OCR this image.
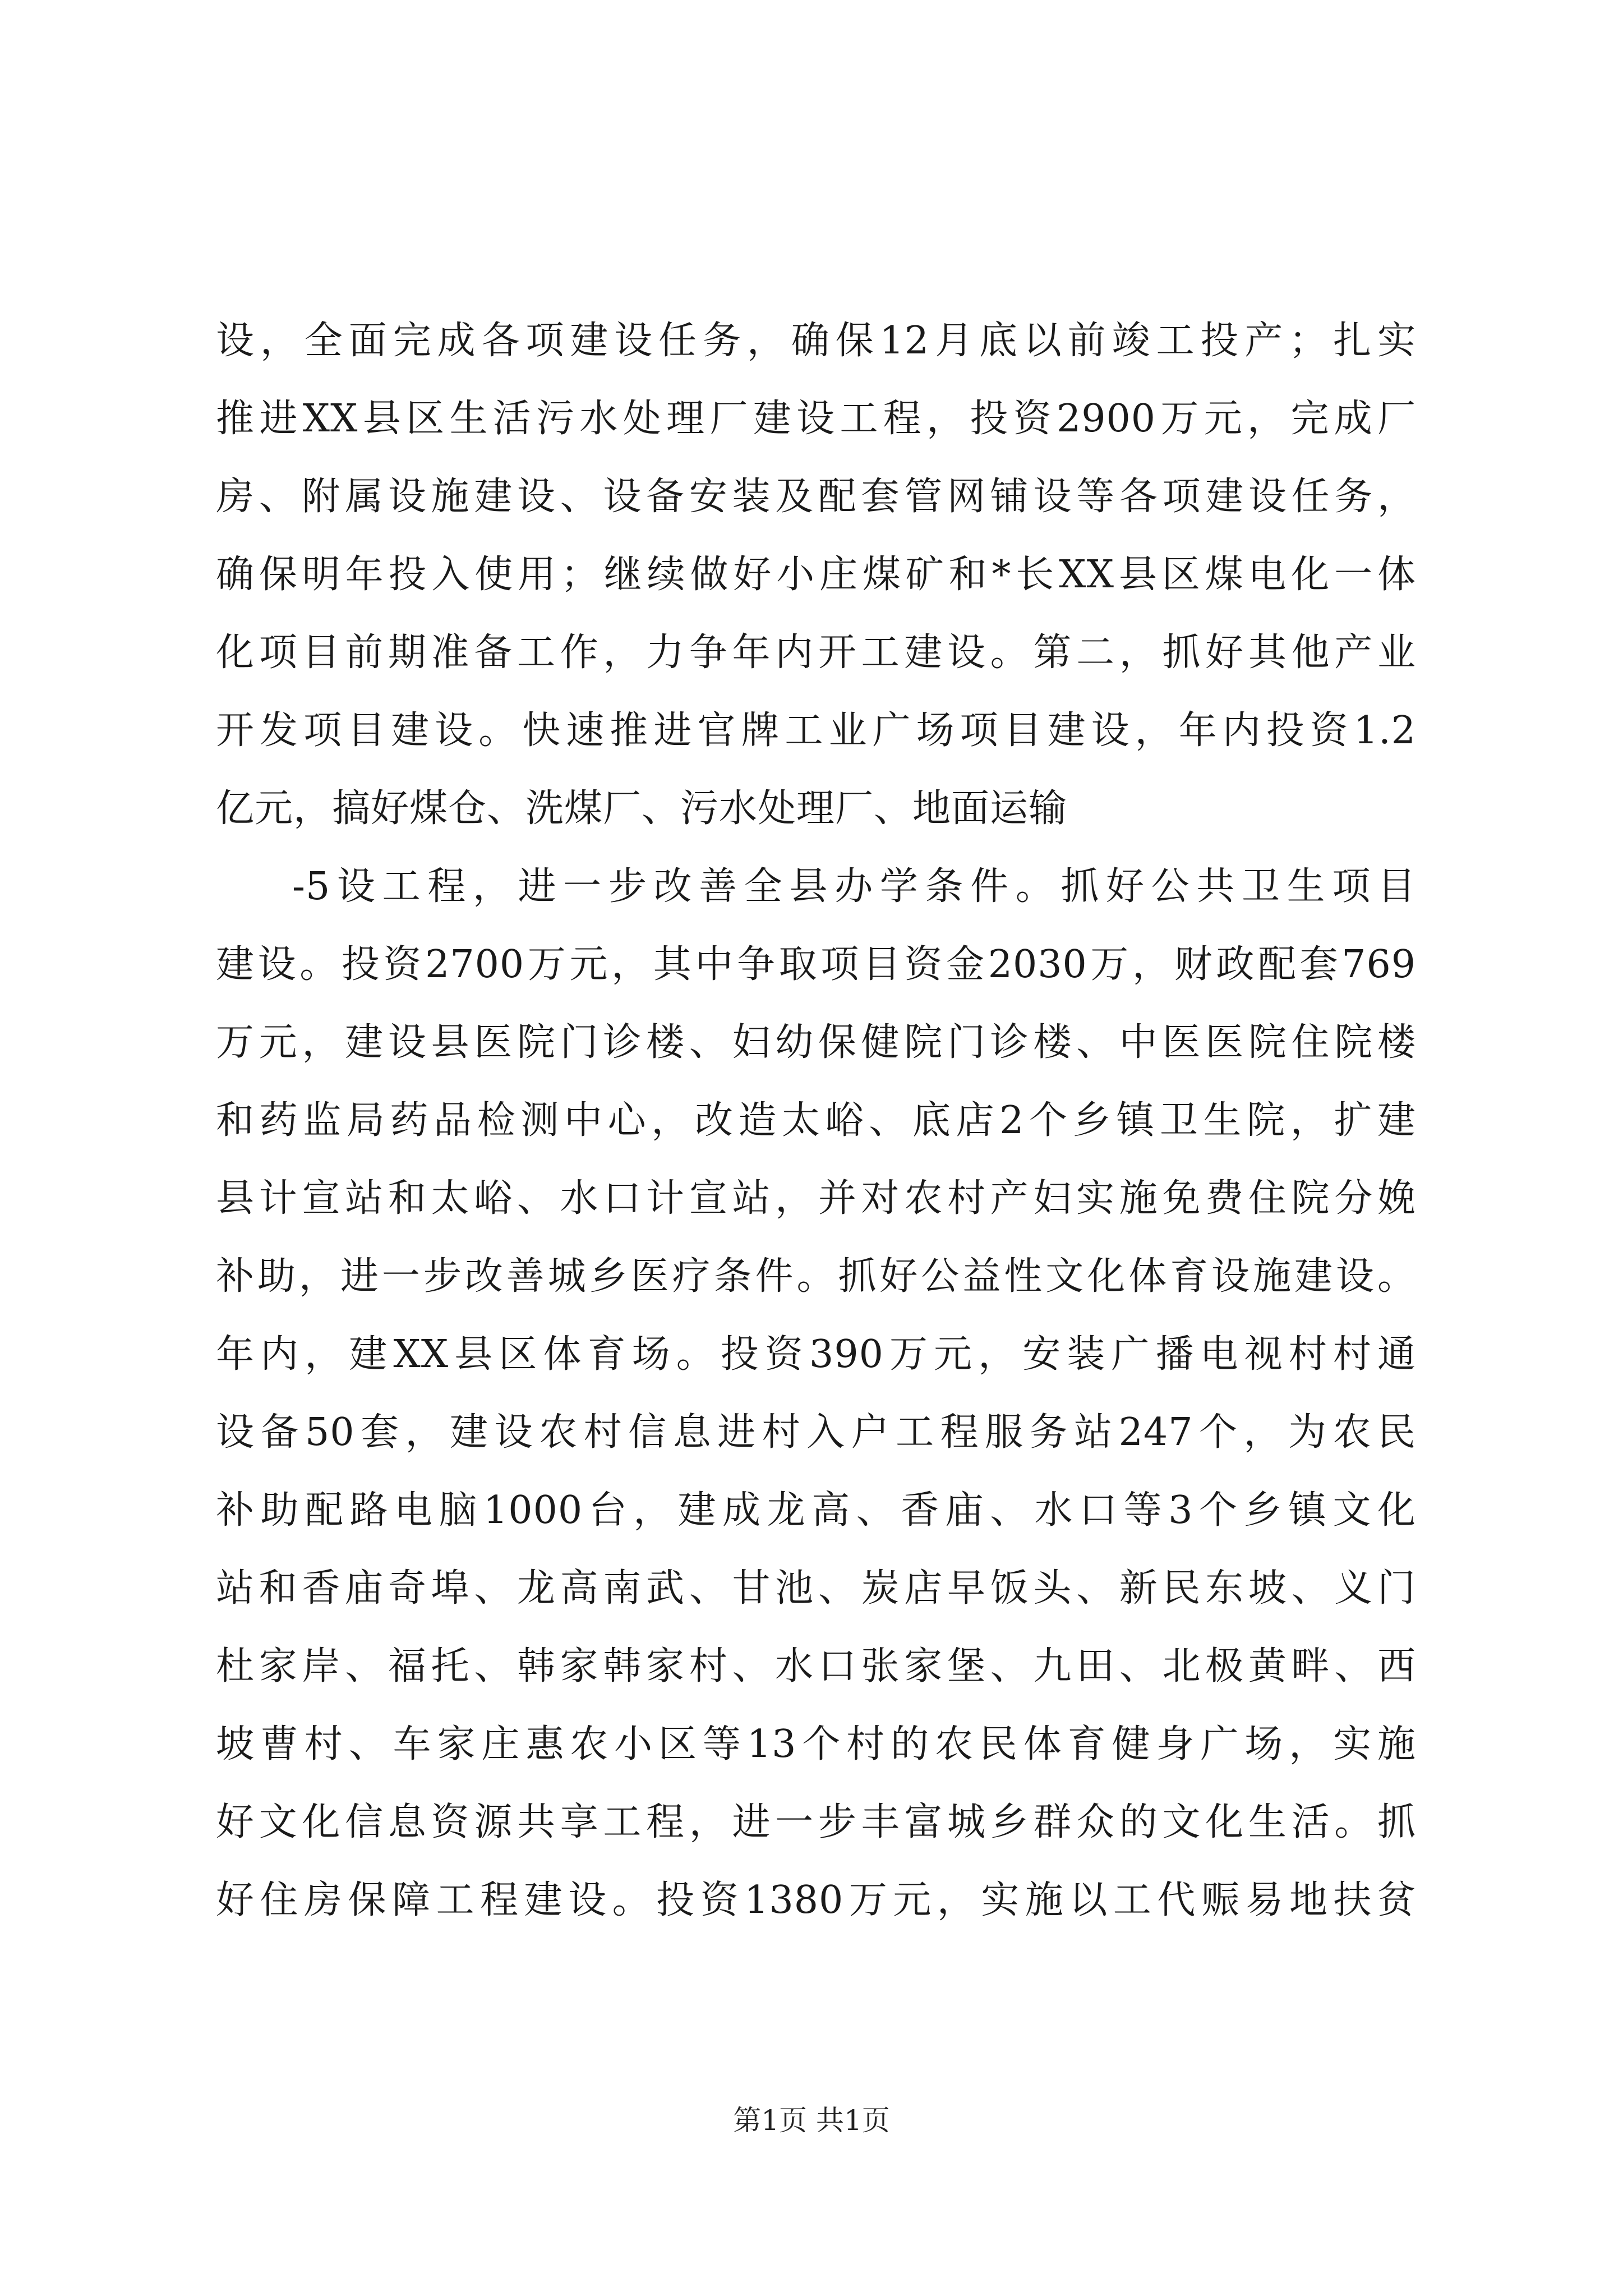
设，全面完成各项建设任务，确保12月底以前竣工投产；扎实
推进XX县区生活污水处理厂建设工程，投资2900万元，完成厂
房、附属设施建设、设备安装及配套管网铺设等各项建设任务，
确保明年投入使用；继续做好小庄煤矿和*长XX县区煤电化一体
化项目前期准备工作，力争年内开工建设。第二，抓好其他产业
开发项目建设。快速推进官牌工业广场项目建设，年内投资1.2
亿元，搞好煤仓、洗煤厂、污水处理厂、地面运输
-5设工程，进一步改善全县办学条件。抓好公共卫生项目
建设。投资2700万元，其中争取项目资金2030万，财政配套769
万元，建设县医院门诊楼、妇幼保健院门诊楼、中医医院住院楼
和药监局药品检测中心，改造太峪、底店2个乡镇卫生院，扩建
县计宣站和太峪、水口计宣站，并对农村产妇实施免费住院分娩
补助，进一步改善城乡医疗条件。抓好公益性文化体育设施建设。
年内，建XX县区体育场。投资390万元，安装广播电视村村通
设备50套，建设农村信息进村入户工程服务站247个，为农民
补助配路电脑1000台，建成龙高、香庙、水口等3个乡镇文化
站和香庙奇埠、龙高南武、甘池、炭店早饭头、新民东坡、义门
杜家岸、福托、韩家韩家村、水口张家堡、九田、北极黄畔、西
坡曹村、车家庄惠农小区等13个村的农民体育健身广场，实施
好文化信息资源共享工程，进一步丰富城乡群众的文化生活。抓
好住房保障工程建设。投资1380万元，实施以工代赈易地扶贫
第1页 共1页
